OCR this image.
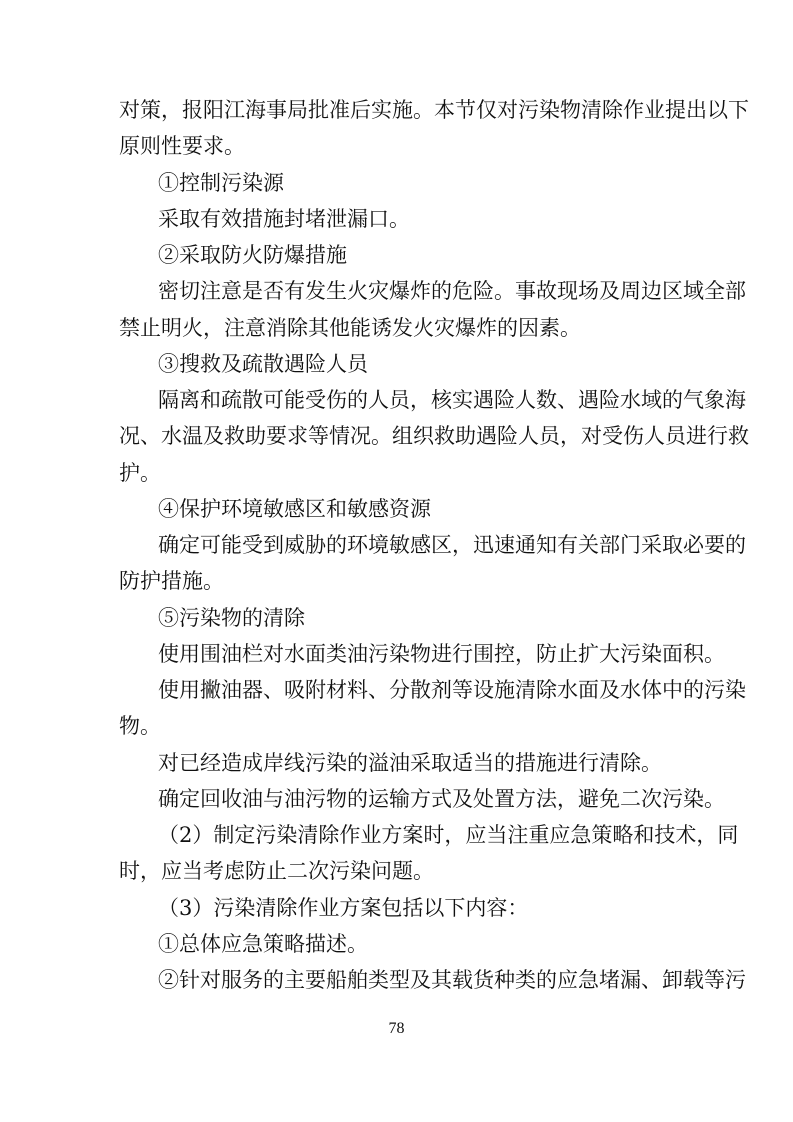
对策，报阳江海事局批准后实施。本节仅对污染物清除作业提出以下
原则性要求。
①控制污染源
采取有效措施封堵泄漏口。
②采取防火防爆措施
密切注意是否有发生火灾爆炸的危险。事故现场及周边区域全部
禁止明火，注意消除其他能诱发火灾爆炸的因素。
③搜救及疏散遇险人员
隔离和疏散可能受伤的人员，核实遇险人数、遇险水域的气象海
况、水温及救助要求等情况。组织救助遇险人员，对受伤人员进行救
护。
④保护环境敏感区和敏感资源
确定可能受到威胁的环境敏感区，迅速通知有关部门采取必要的
防护措施。
⑤污染物的清除
使用围油栏对水面类油污染物进行围控，防止扩大污染面积。
使用撇油器、吸附材料、分散剂等设施清除水面及水体中的污染
物。
对已经造成岸线污染的溢油采取适当的措施进行清除。
确定回收油与油污物的运输方式及处置方法，避免二次污染。
（2）制定污染清除作业方案时，应当注重应急策略和技术，同
时，应当考虑防止二次污染问题。
（3）污染清除作业方案包括以下内容：
①总体应急策略描述。
②针对服务的主要船舶类型及其载货种类的应急堵漏、卸载等污
78
